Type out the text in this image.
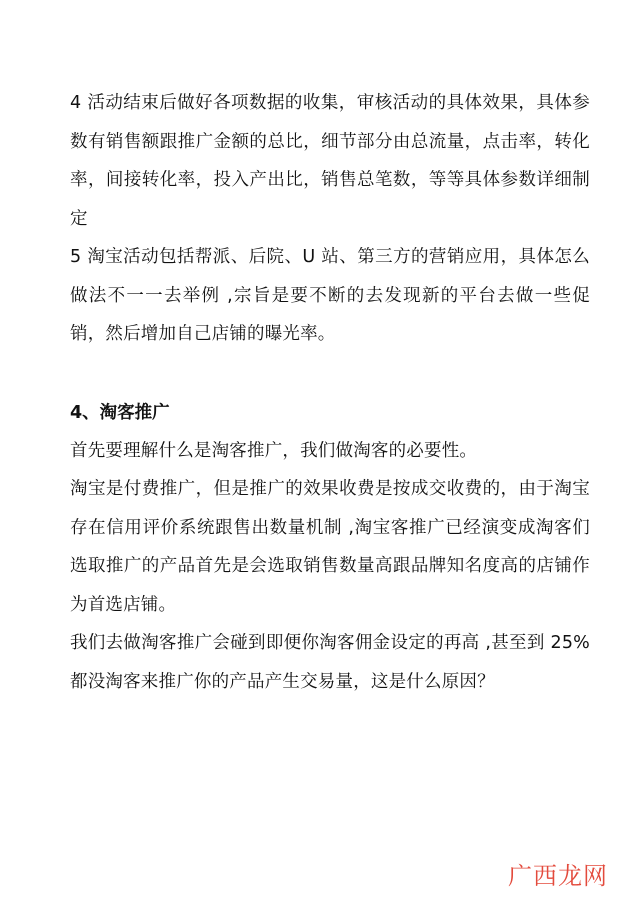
4 活动结束后做好各项数据的收集，审核活动的具体效果，具体参数有销售额跟推广金额的总比，细节部分由总流量，点击率，转化率，间接转化率，投入产出比，销售总笔数，等等具体参数详细制定

5 淘宝活动包括帮派、后院、U 站、第三方的营销应用，具体怎么做法不一一去举例 ,宗旨是要不断的去发现新的平台去做一些促销，然后增加自己店铺的曝光率。

4、淘客推广

首先要理解什么是淘客推广，我们做淘客的必要性。

淘宝是付费推广，但是推广的效果收费是按成交收费的，由于淘宝存在信用评价系统跟售出数量机制 ,淘宝客推广已经演变成淘客们选取推广的产品首先是会选取销售数量高跟品牌知名度高的店铺作为首选店铺。

我们去做淘客推广会碰到即便你淘客佣金设定的再高 ,甚至到 25%都没淘客来推广你的产品产生交易量，这是什么原因？

广西龙网
